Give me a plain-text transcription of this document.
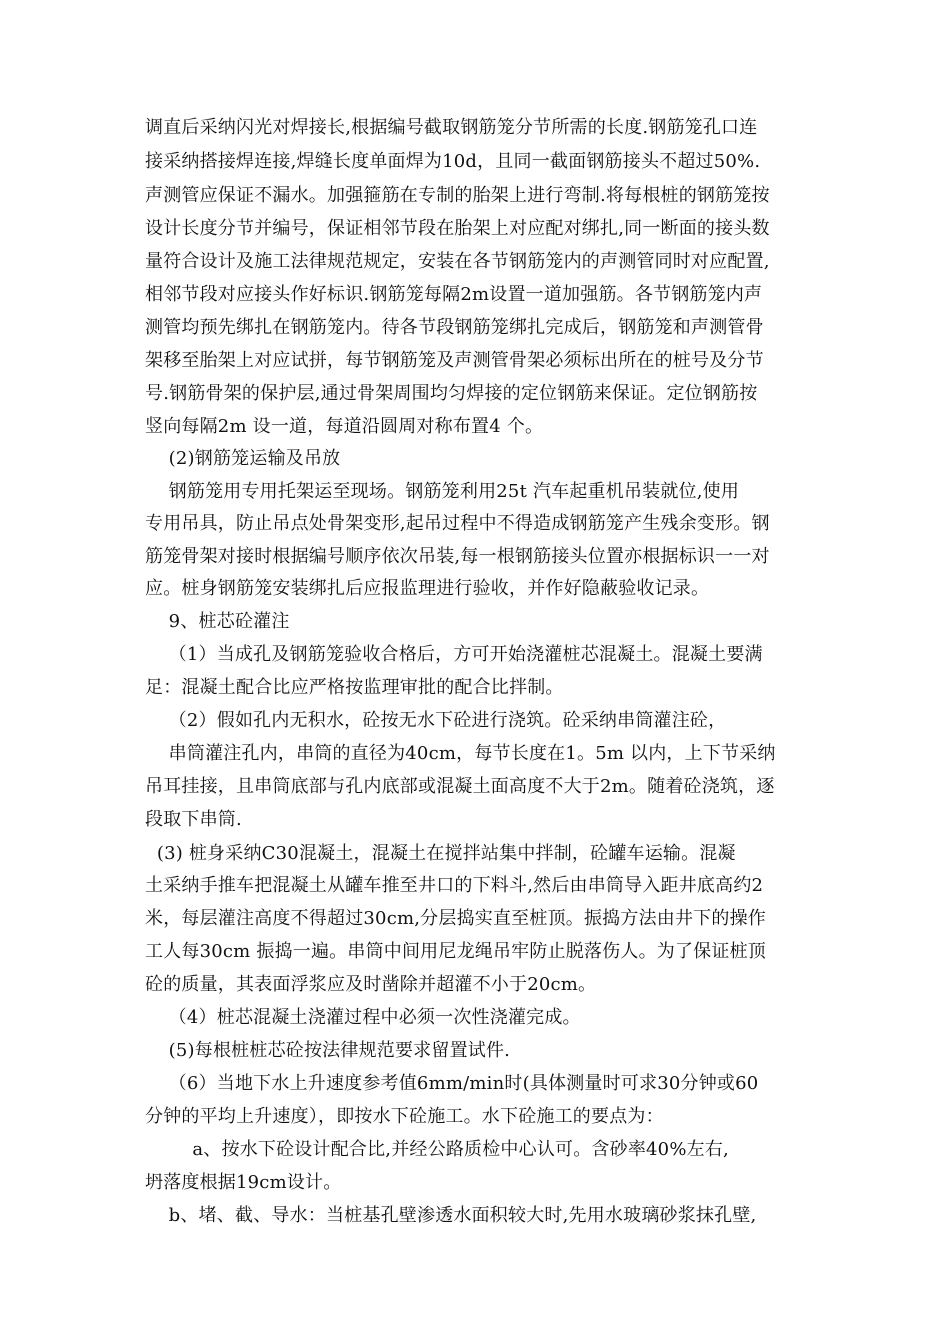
调直后采纳闪光对焊接长,根据编号截取钢筋笼分节所需的长度.钢筋笼孔口连
接采纳搭接焊连接,焊缝长度单面焊为10d，且同一截面钢筋接头不超过50%.
声测管应保证不漏水。加强箍筋在专制的胎架上进行弯制.将每根桩的钢筋笼按
设计长度分节并编号，保证相邻节段在胎架上对应配对绑扎,同一断面的接头数
量符合设计及施工法律规范规定，安装在各节钢筋笼内的声测管同时对应配置,
相邻节段对应接头作好标识.钢筋笼每隔2m设置一道加强筋。各节钢筋笼内声
测管均预先绑扎在钢筋笼内。待各节段钢筋笼绑扎完成后，钢筋笼和声测管骨
架移至胎架上对应试拼，每节钢筋笼及声测管骨架必须标出所在的桩号及分节
号.钢筋骨架的保护层,通过骨架周围均匀焊接的定位钢筋来保证。定位钢筋按
竖向每隔2m 设一道，每道沿圆周对称布置4 个。
(2)钢筋笼运输及吊放
钢筋笼用专用托架运至现场。钢筋笼利用25t 汽车起重机吊装就位,使用
专用吊具，防止吊点处骨架变形,起吊过程中不得造成钢筋笼产生残余变形。钢
筋笼骨架对接时根据编号顺序依次吊装,每一根钢筋接头位置亦根据标识一一对
应。桩身钢筋笼安装绑扎后应报监理进行验收，并作好隐蔽验收记录。
9、桩芯砼灌注
（1）当成孔及钢筋笼验收合格后，方可开始浇灌桩芯混凝土。混凝土要满
足：混凝土配合比应严格按监理审批的配合比拌制。
（2）假如孔内无积水，砼按无水下砼进行浇筑。砼采纳串筒灌注砼，
串筒灌注孔内，串筒的直径为40cm，每节长度在1。5m 以内，上下节采纳
吊耳挂接，且串筒底部与孔内底部或混凝土面高度不大于2m。随着砼浇筑，逐
段取下串筒.
(3) 桩身采纳C30混凝土，混凝土在搅拌站集中拌制，砼罐车运输。混凝
土采纳手推车把混凝土从罐车推至井口的下料斗,然后由串筒导入距井底高约2
米，每层灌注高度不得超过30cm,分层捣实直至桩顶。振捣方法由井下的操作
工人每30cm 振捣一遍。串筒中间用尼龙绳吊牢防止脱落伤人。为了保证桩顶
砼的质量，其表面浮浆应及时凿除并超灌不小于20cm。
（4）桩芯混凝土浇灌过程中必须一次性浇灌完成。
(5)每根桩桩芯砼按法律规范要求留置试件.
（6）当地下水上升速度参考值6mm/min时(具体测量时可求30分钟或60
分钟的平均上升速度），即按水下砼施工。水下砼施工的要点为：
a、按水下砼设计配合比,并经公路质检中心认可。含砂率40%左右,
坍落度根据19cm设计。
b、堵、截、导水：当桩基孔壁渗透水面积较大时,先用水玻璃砂浆抹孔壁,
